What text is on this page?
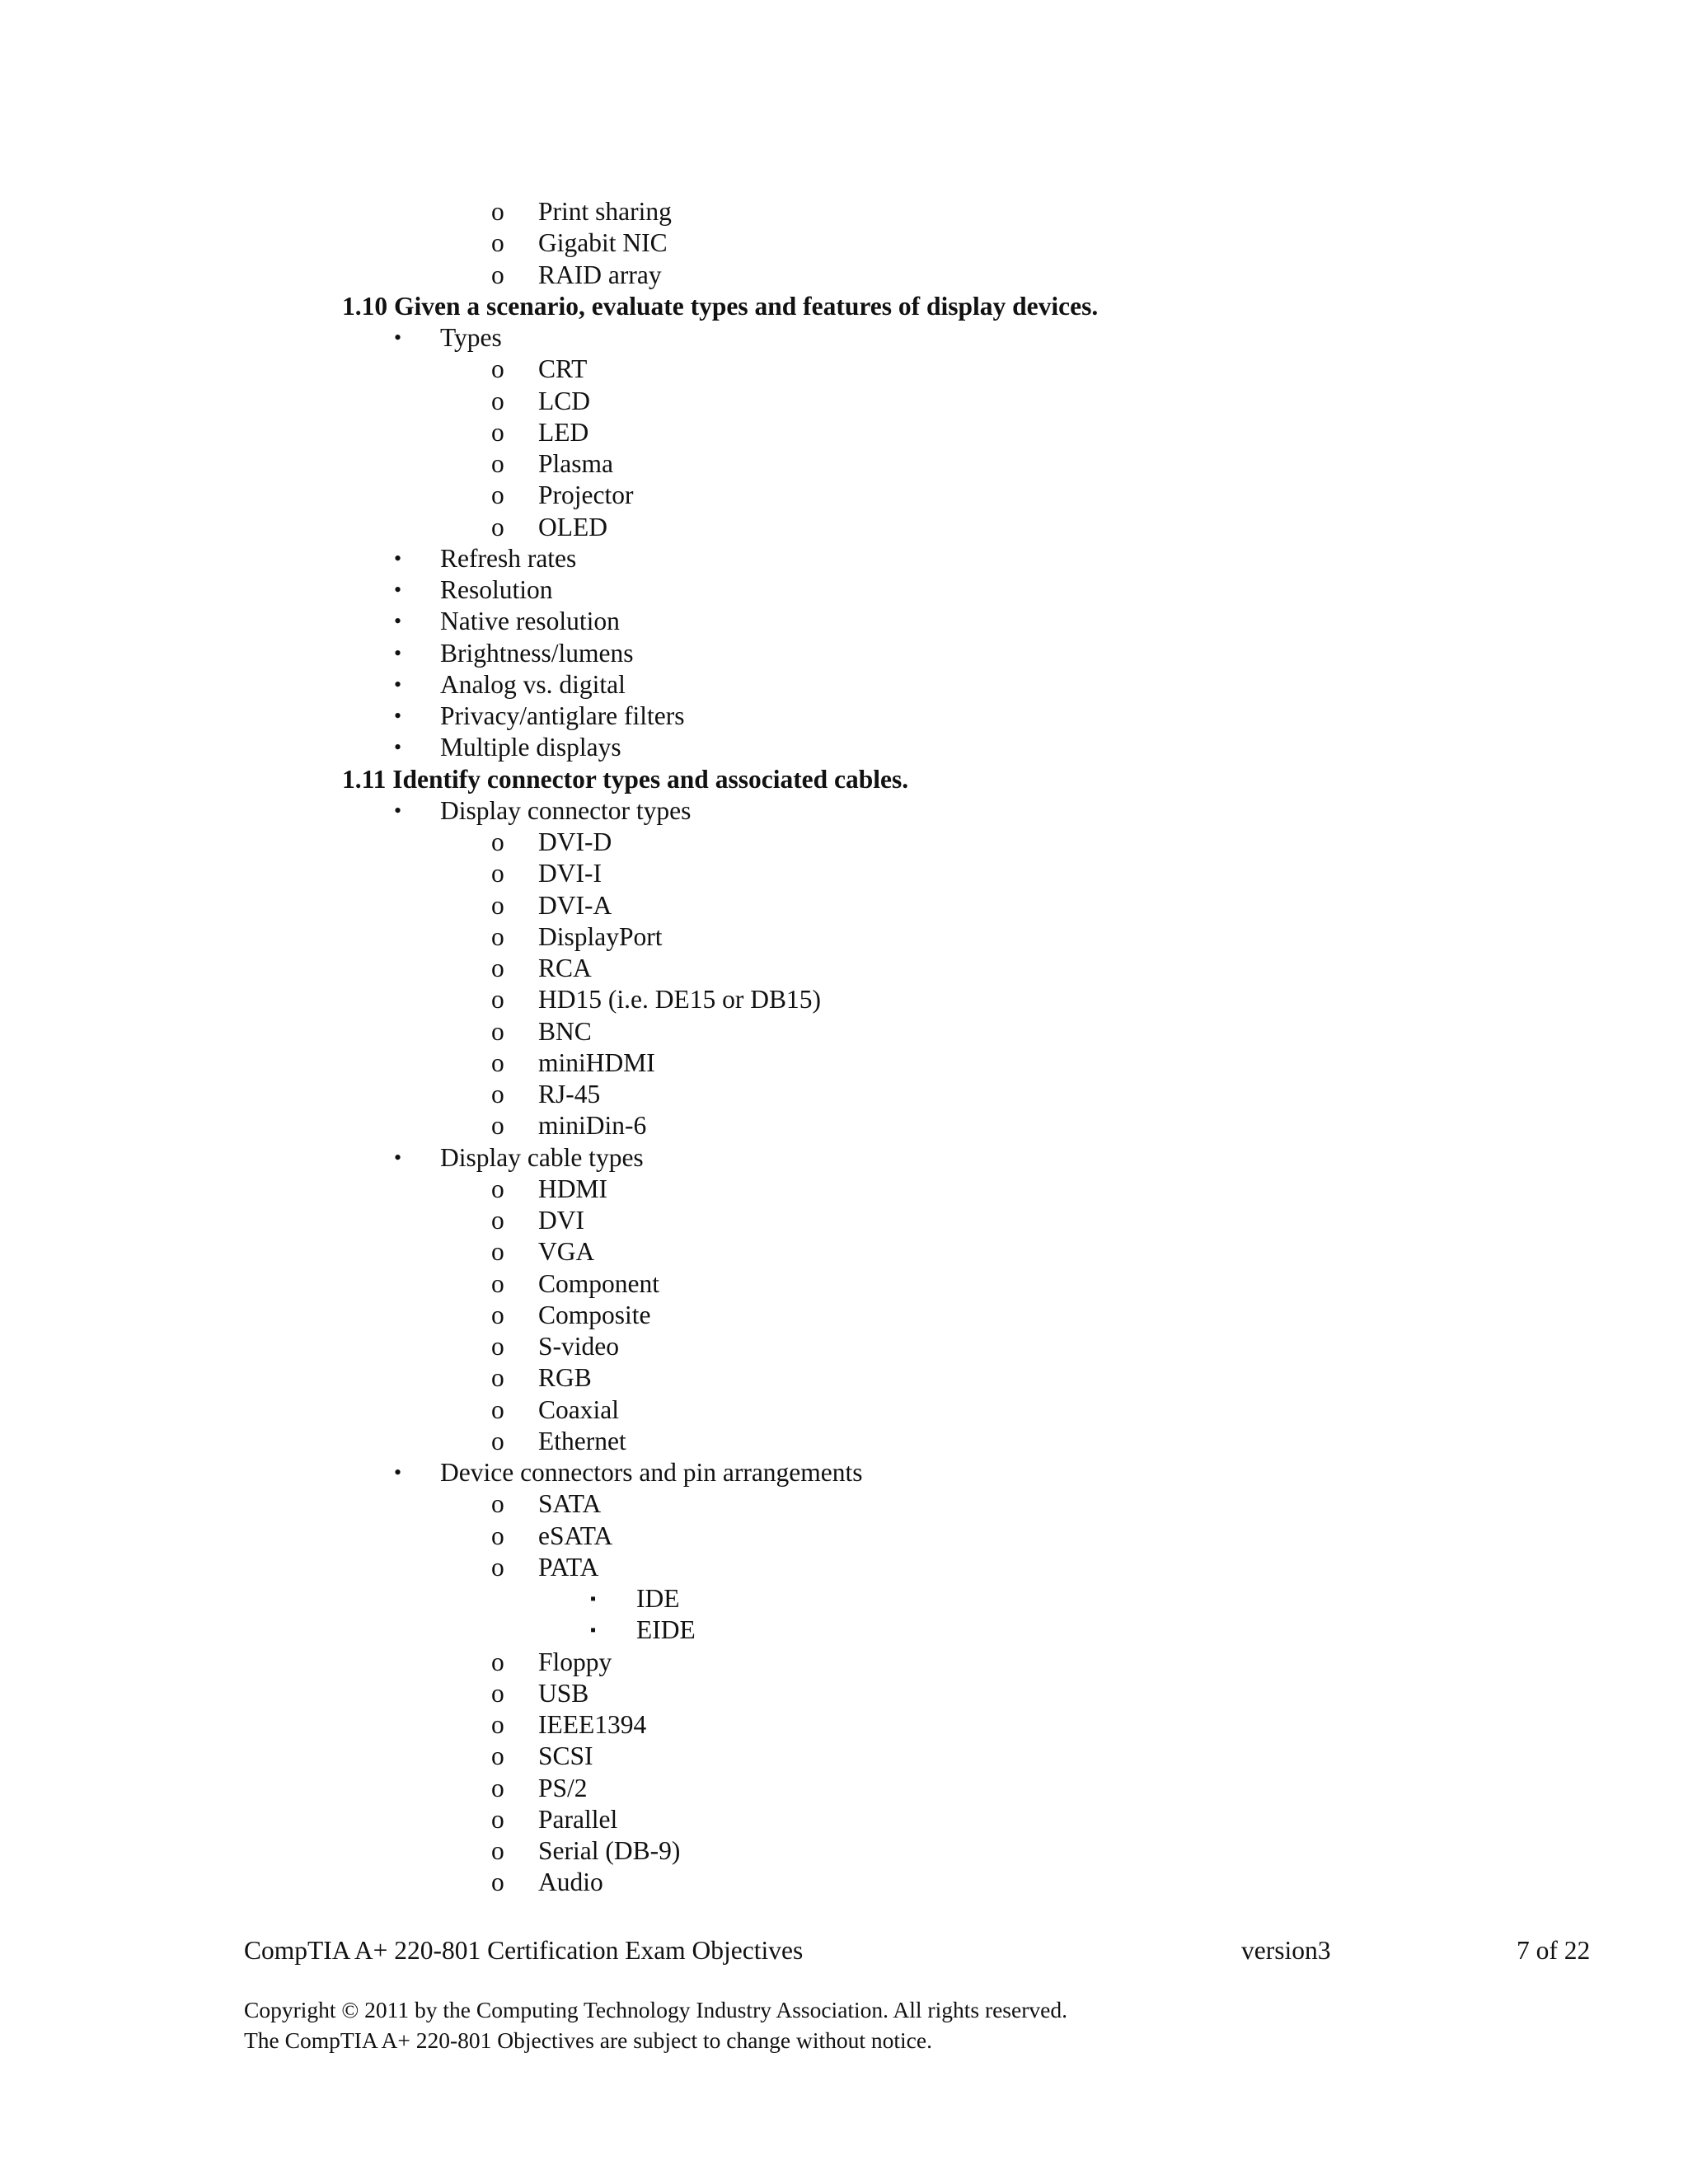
o Print sharing
o Gigabit NIC
o RAID array
1.10 Given a scenario, evaluate types and features of display devices.
• Types
o CRT
o LCD
o LED
o Plasma
o Projector
o OLED
• Refresh rates
• Resolution
• Native resolution
• Brightness/lumens
• Analog vs. digital
• Privacy/antiglare filters
• Multiple displays
1.11 Identify connector types and associated cables.
• Display connector types
o DVI-D
o DVI-I
o DVI-A
o DisplayPort
o RCA
o HD15 (i.e. DE15 or DB15)
o BNC
o miniHDMI
o RJ-45
o miniDin-6
• Display cable types
o HDMI
o DVI
o VGA
o Component
o Composite
o S-video
o RGB
o Coaxial
o Ethernet
• Device connectors and pin arrangements
o SATA
o eSATA
o PATA
▪ IDE
▪ EIDE
o Floppy
o USB
o IEEE1394
o SCSI
o PS/2
o Parallel
o Serial (DB-9)
o Audio
CompTIA A+ 220-801 Certification Exam Objectives	version3	7 of 22
Copyright © 2011 by the Computing Technology Industry Association. All rights reserved.
The CompTIA A+ 220-801 Objectives are subject to change without notice.
